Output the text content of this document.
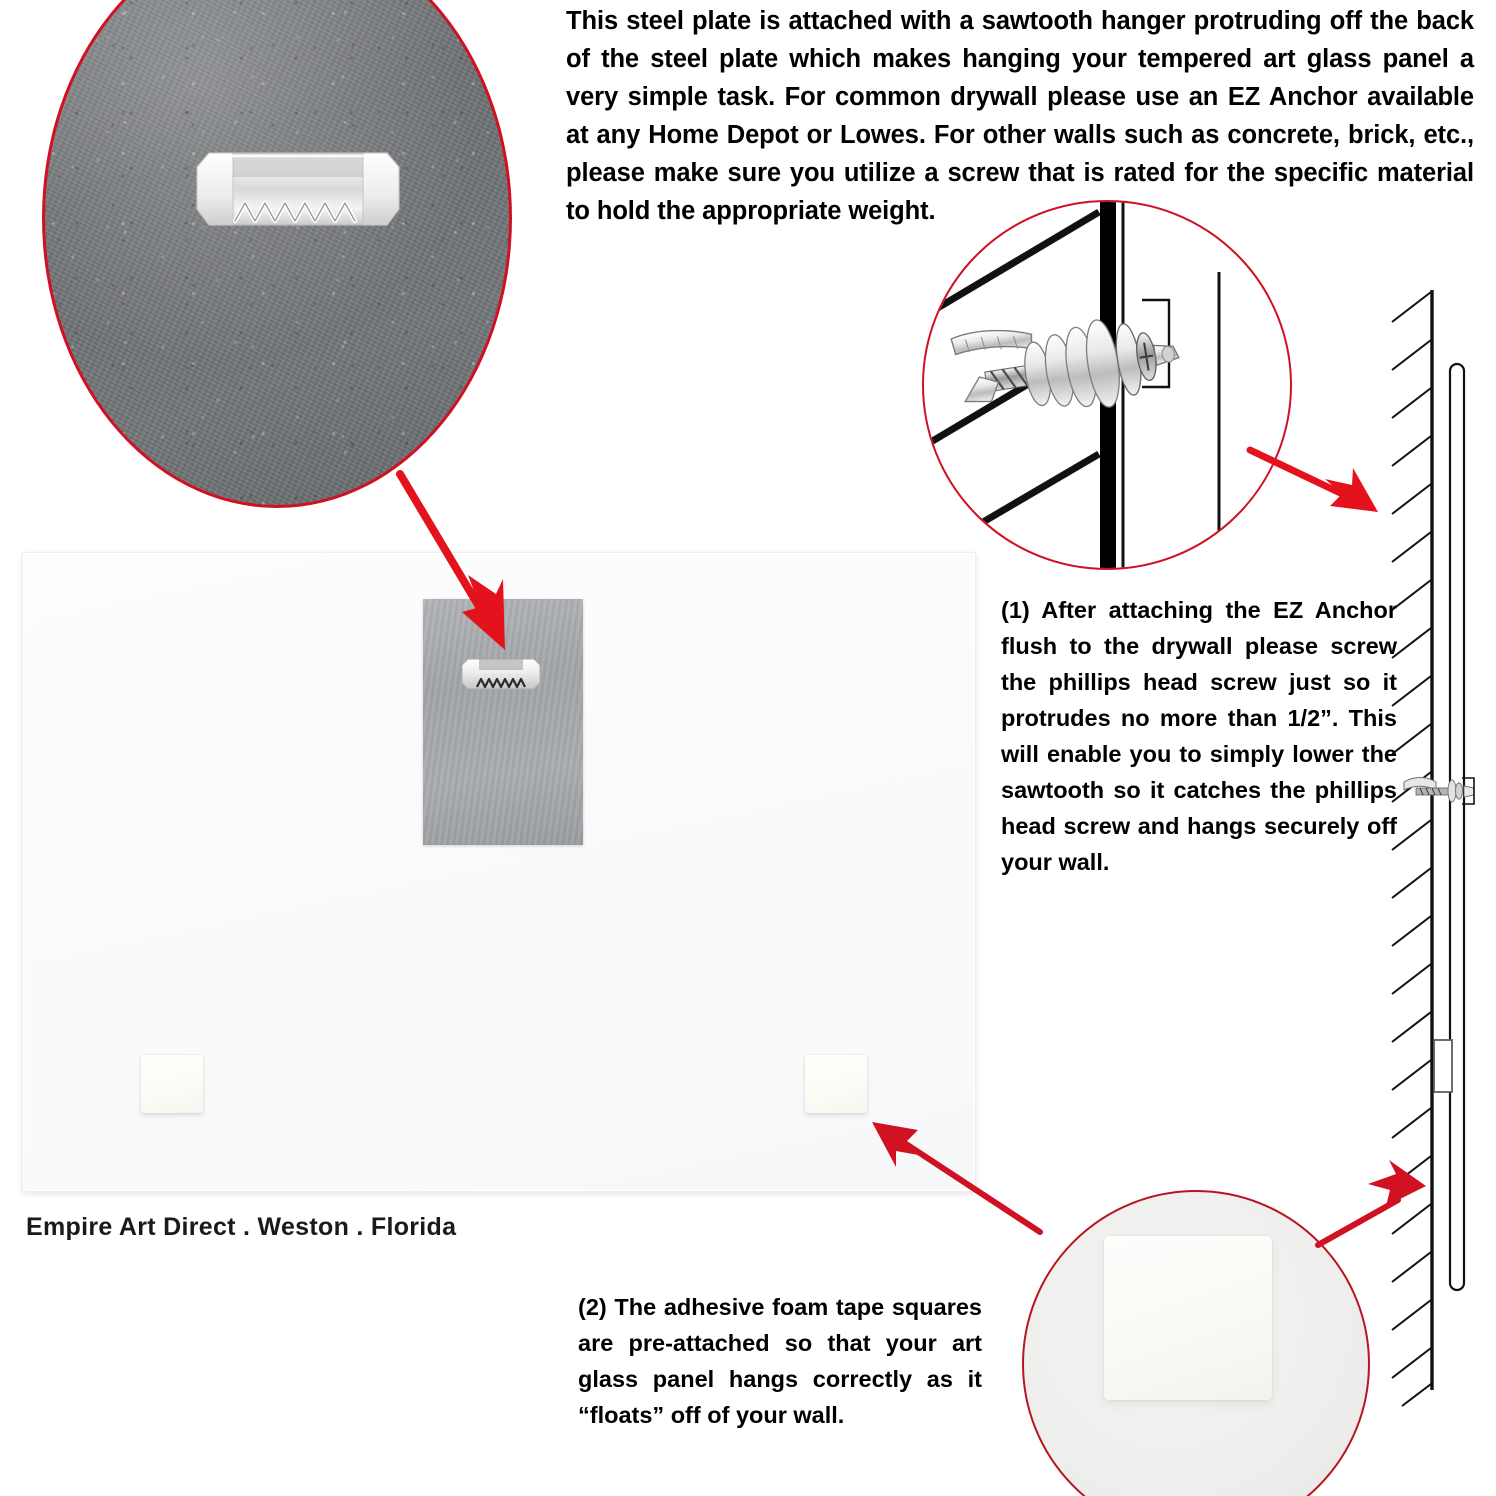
This steel plate is attached with a sawtooth hanger protruding off the back of the steel plate which makes hanging your tempered art glass panel a very simple task. For common drywall please use an EZ Anchor available at any Home Depot or Lowes. For other walls such as concrete, brick, etc., please make sure you utilize a screw that is rated for the specific material to hold the appropriate weight.
Empire Art Direct . Weston . Florida
(1) After attaching the EZ Anchor flush to the drywall please screw the phillips head screw just so it protrudes no more than 1/2”. This will enable you to simply lower the sawtooth so it catches the phillips head screw and hangs securely off your wall.
(2) The adhesive foam tape squares are pre-attached so that your art glass panel hangs correctly as it “floats” off of your wall.
